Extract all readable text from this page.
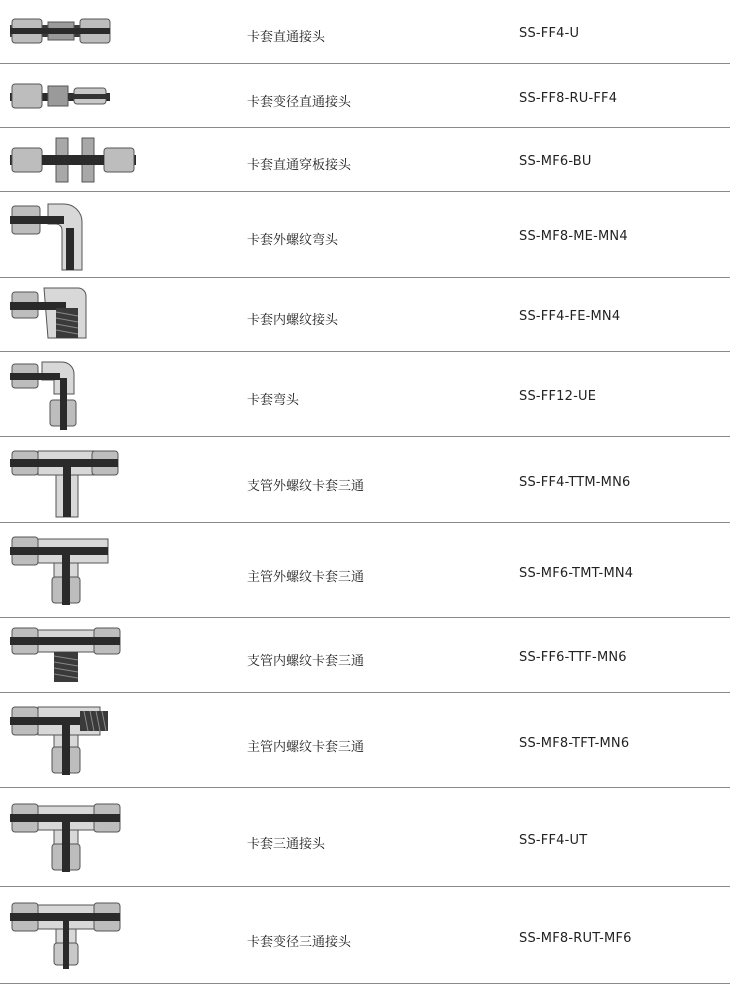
卡套直通接头	SS-FF4-U
卡套变径直通接头	SS-FF8-RU-FF4
卡套直通穿板接头	SS-MF6-BU
卡套外螺纹弯头	SS-MF8-ME-MN4
卡套内螺纹接头	SS-FF4-FE-MN4
卡套弯头	SS-FF12-UE
支管外螺纹卡套三通	SS-FF4-TTM-MN6
主管外螺纹卡套三通	SS-MF6-TMT-MN4
支管内螺纹卡套三通	SS-FF6-TTF-MN6
主管内螺纹卡套三通	SS-MF8-TFT-MN6
卡套三通接头	SS-FF4-UT
卡套变径三通接头	SS-MF8-RUT-MF6
